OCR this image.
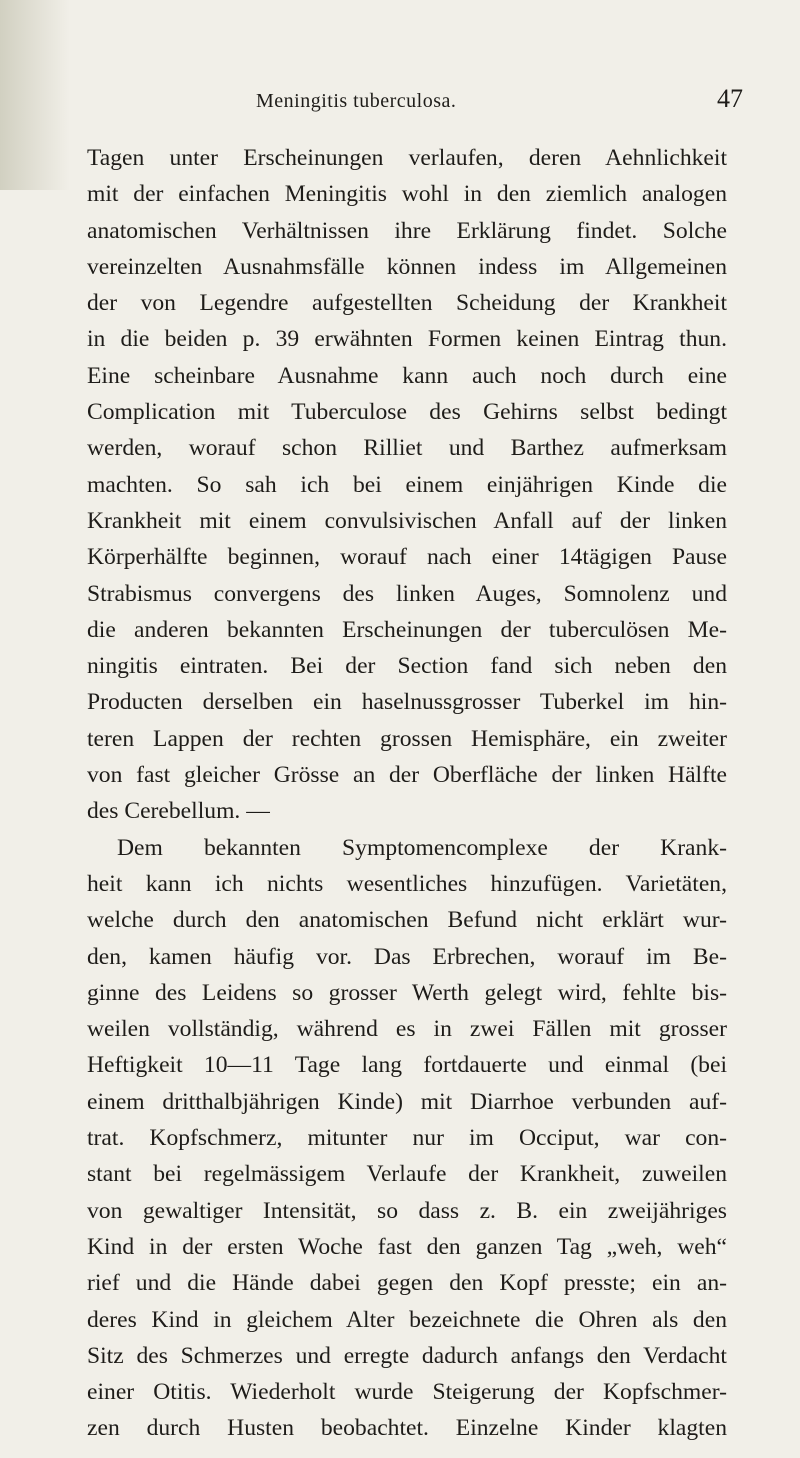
Meningitis tuberculosa.	47
Tagen unter Erscheinungen verlaufen, deren Aehnlichkeit
mit der einfachen Meningitis wohl in den ziemlich analogen
anatomischen Verhältnissen ihre Erklärung findet. Solche
vereinzelten Ausnahmsfälle können indess im Allgemeinen
der von Legendre aufgestellten Scheidung der Krankheit
in die beiden p. 39 erwähnten Formen keinen Eintrag thun.
Eine scheinbare Ausnahme kann auch noch durch eine
Complication mit Tuberculose des Gehirns selbst bedingt
werden, worauf schon Rilliet und Barthez aufmerksam
machten. So sah ich bei einem einjährigen Kinde die
Krankheit mit einem convulsivischen Anfall auf der linken
Körperhälfte beginnen, worauf nach einer 14tägigen Pause
Strabismus convergens des linken Auges, Somnolenz und
die anderen bekannten Erscheinungen der tuberculösen Me-
ningitis eintraten. Bei der Section fand sich neben den
Producten derselben ein haselnussgrosser Tuberkel im hin-
teren Lappen der rechten grossen Hemisphäre, ein zweiter
von fast gleicher Grösse an der Oberfläche der linken Hälfte
des Cerebellum. —
Dem bekannten Symptomencomplexe der Krank-
heit kann ich nichts wesentliches hinzufügen. Varietäten,
welche durch den anatomischen Befund nicht erklärt wur-
den, kamen häufig vor. Das Erbrechen, worauf im Be-
ginne des Leidens so grosser Werth gelegt wird, fehlte bis-
weilen vollständig, während es in zwei Fällen mit grosser
Heftigkeit 10—11 Tage lang fortdauerte und einmal (bei
einem dritthalbjährigen Kinde) mit Diarrhoe verbunden auf-
trat. Kopfschmerz, mitunter nur im Occiput, war con-
stant bei regelmässigem Verlaufe der Krankheit, zuweilen
von gewaltiger Intensität, so dass z. B. ein zweijähriges
Kind in der ersten Woche fast den ganzen Tag „weh, weh“
rief und die Hände dabei gegen den Kopf presste; ein an-
deres Kind in gleichem Alter bezeichnete die Ohren als den
Sitz des Schmerzes und erregte dadurch anfangs den Verdacht
einer Otitis. Wiederholt wurde Steigerung der Kopfschmer-
zen durch Husten beobachtet. Einzelne Kinder klagten
